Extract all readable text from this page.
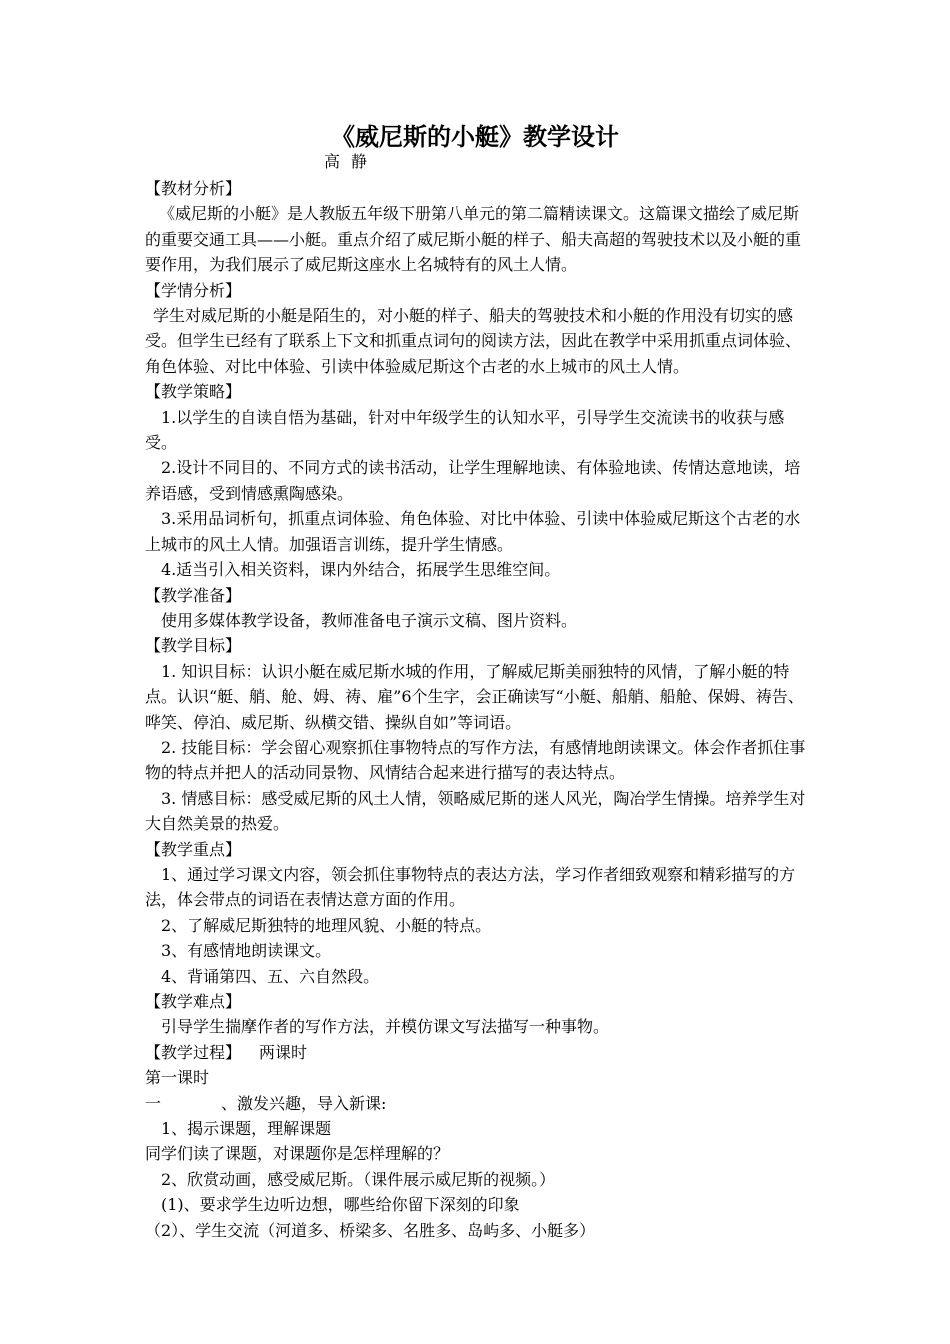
《威尼斯的小艇》教学设计
高静

【教材分析】

《威尼斯的小艇》是人教版五年级下册第八单元的第二篇精读课文。这篇课文描绘了威尼斯的重要交通工具——小艇。重点介绍了威尼斯小艇的样子、船夫高超的驾驶技术以及小艇的重要作用，为我们展示了威尼斯这座水上名城特有的风土人情。

【学情分析】

学生对威尼斯的小艇是陌生的，对小艇的样子、船夫的驾驶技术和小艇的作用没有切实的感受。但学生已经有了联系上下文和抓重点词句的阅读方法，因此在教学中采用抓重点词体验、角色体验、对比中体验、引读中体验威尼斯这个古老的水上城市的风土人情。

【教学策略】

1.以学生的自读自悟为基础，针对中年级学生的认知水平，引导学生交流读书的收获与感受。

2.设计不同目的、不同方式的读书活动，让学生理解地读、有体验地读、传情达意地读，培养语感，受到情感熏陶感染。

3.采用品词析句，抓重点词体验、角色体验、对比中体验、引读中体验威尼斯这个古老的水上城市的风土人情。加强语言训练，提升学生情感。

4.适当引入相关资料，课内外结合，拓展学生思维空间。

【教学准备】

使用多媒体教学设备，教师准备电子演示文稿、图片资料。

【教学目标】

1. 知识目标：认识小艇在威尼斯水城的作用，了解威尼斯美丽独特的风情，了解小艇的特点。认识“艇、艄、舱、姆、祷、雇”6个生字，会正确读写“小艇、船艄、船舱、保姆、祷告、哗笑、停泊、威尼斯、纵横交错、操纵自如”等词语。

2. 技能目标：学会留心观察抓住事物特点的写作方法，有感情地朗读课文。体会作者抓住事物的特点并把人的活动同景物、风情结合起来进行描写的表达特点。

3. 情感目标：感受威尼斯的风土人情，领略威尼斯的迷人风光，陶冶学生情操。培养学生对大自然美景的热爱。

【教学重点】

1、通过学习课文内容，领会抓住事物特点的表达方法，学习作者细致观察和精彩描写的方法，体会带点的词语在表情达意方面的作用。

2、了解威尼斯独特的地理风貌、小艇的特点。

3、有感情地朗读课文。

4、背诵第四、五、六自然段。

【教学难点】

引导学生揣摩作者的写作方法，并模仿课文写法描写一种事物。

【教学过程】 两课时

第一课时

一	、激发兴趣，导入新课:

1、揭示课题，理解课题

同学们读了课题，对课题你是怎样理解的？

2、欣赏动画，感受威尼斯。（课件展示威尼斯的视频。）

(1)、要求学生边听边想，哪些给你留下深刻的印象

（2）、学生交流（河道多、桥梁多、名胜多、岛屿多、小艇多）
